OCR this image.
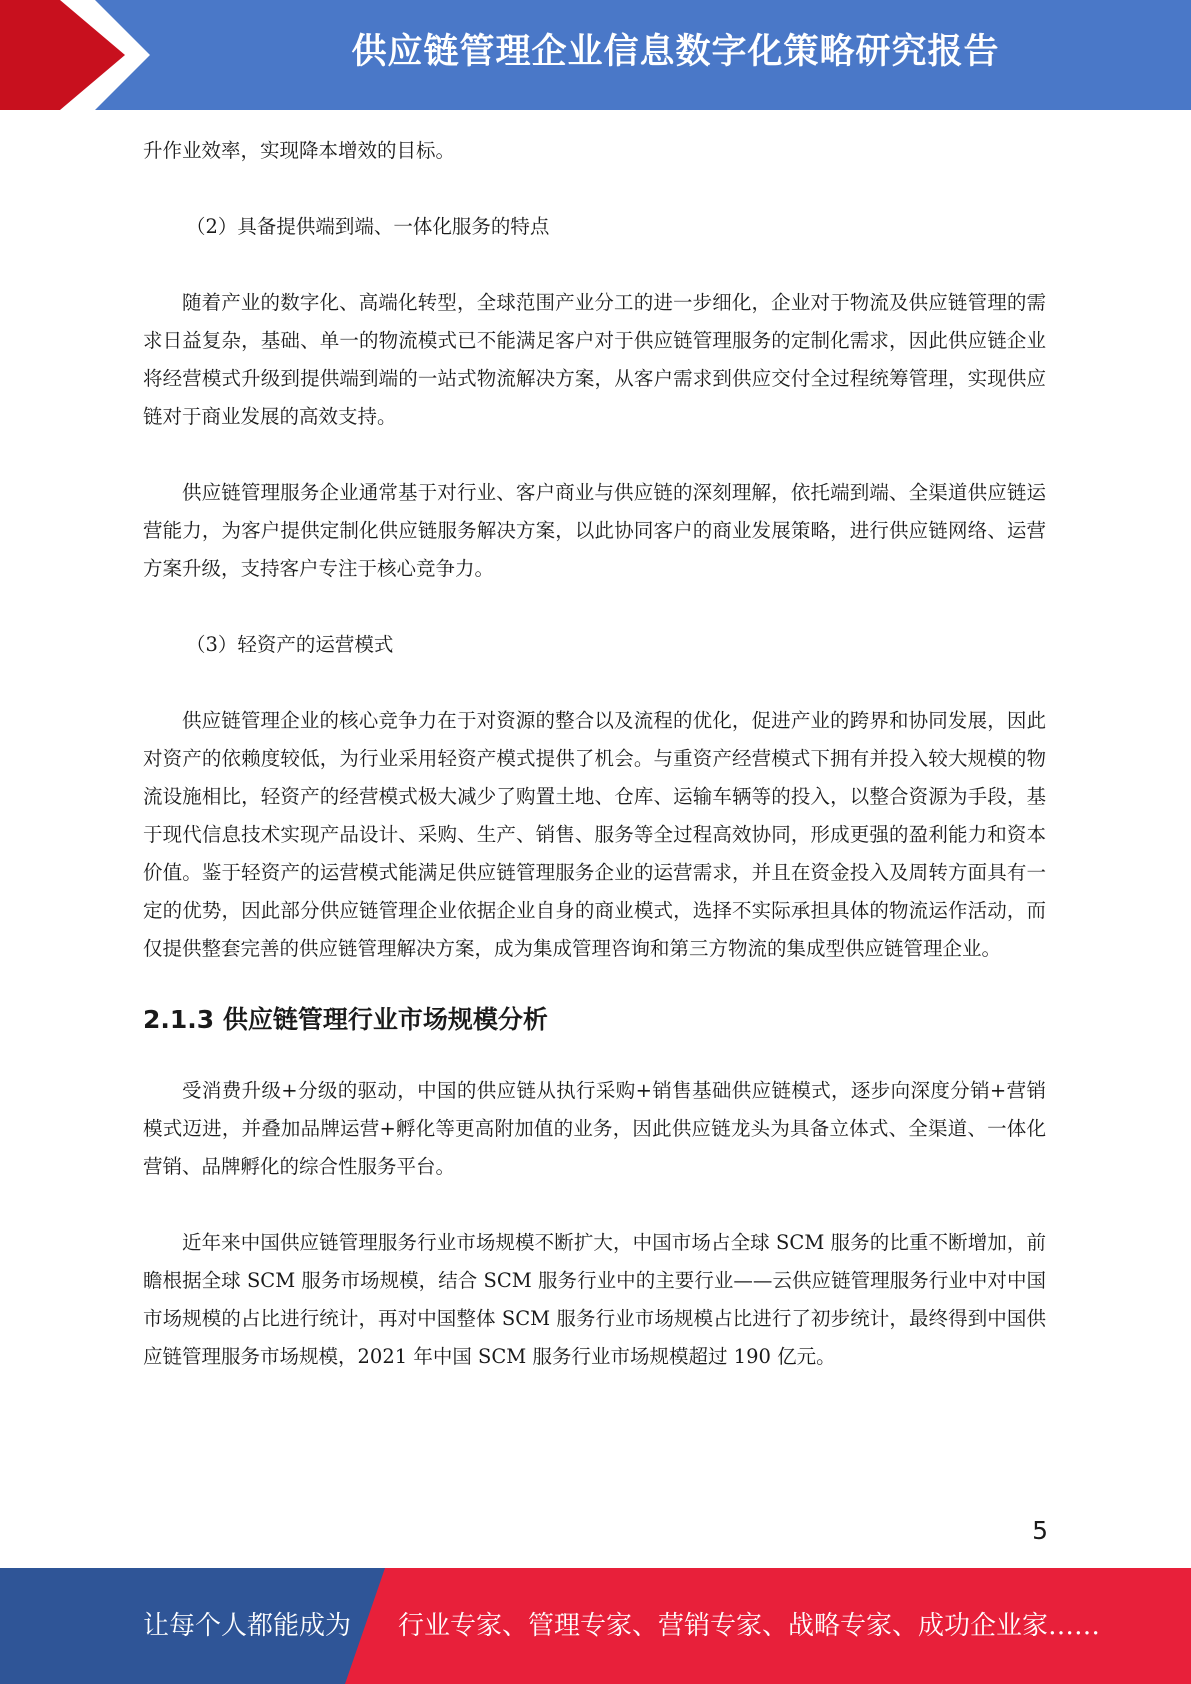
供应链管理企业信息数字化策略研究报告

升作业效率，实现降本增效的目标。

（2）具备提供端到端、一体化服务的特点

随着产业的数字化、高端化转型，全球范围产业分工的进一步细化，企业对于物流及供应链管理的需求日益复杂，基础、单一的物流模式已不能满足客户对于供应链管理服务的定制化需求，因此供应链企业将经营模式升级到提供端到端的一站式物流解决方案，从客户需求到供应交付全过程统筹管理，实现供应链对于商业发展的高效支持。

供应链管理服务企业通常基于对行业、客户商业与供应链的深刻理解，依托端到端、全渠道供应链运营能力，为客户提供定制化供应链服务解决方案，以此协同客户的商业发展策略，进行供应链网络、运营方案升级，支持客户专注于核心竞争力。

（3）轻资产的运营模式

供应链管理企业的核心竞争力在于对资源的整合以及流程的优化，促进产业的跨界和协同发展，因此对资产的依赖度较低，为行业采用轻资产模式提供了机会。与重资产经营模式下拥有并投入较大规模的物流设施相比，轻资产的经营模式极大减少了购置土地、仓库、运输车辆等的投入，以整合资源为手段，基于现代信息技术实现产品设计、采购、生产、销售、服务等全过程高效协同，形成更强的盈利能力和资本价值。鉴于轻资产的运营模式能满足供应链管理服务企业的运营需求，并且在资金投入及周转方面具有一定的优势，因此部分供应链管理企业依据企业自身的商业模式，选择不实际承担具体的物流运作活动，而仅提供整套完善的供应链管理解决方案，成为集成管理咨询和第三方物流的集成型供应链管理企业。

2.1.3 供应链管理行业市场规模分析

受消费升级+分级的驱动，中国的供应链从执行采购+销售基础供应链模式，逐步向深度分销+营销模式迈进，并叠加品牌运营+孵化等更高附加值的业务，因此供应链龙头为具备立体式、全渠道、一体化营销、品牌孵化的综合性服务平台。

近年来中国供应链管理服务行业市场规模不断扩大，中国市场占全球 SCM 服务的比重不断增加，前瞻根据全球 SCM 服务市场规模，结合 SCM 服务行业中的主要行业——云供应链管理服务行业中对中国市场规模的占比进行统计，再对中国整体 SCM 服务行业市场规模占比进行了初步统计，最终得到中国供应链管理服务市场规模，2021 年中国 SCM 服务行业市场规模超过 190 亿元。

5
让每个人都能成为 行业专家、管理专家、营销专家、战略专家、成功企业家……
